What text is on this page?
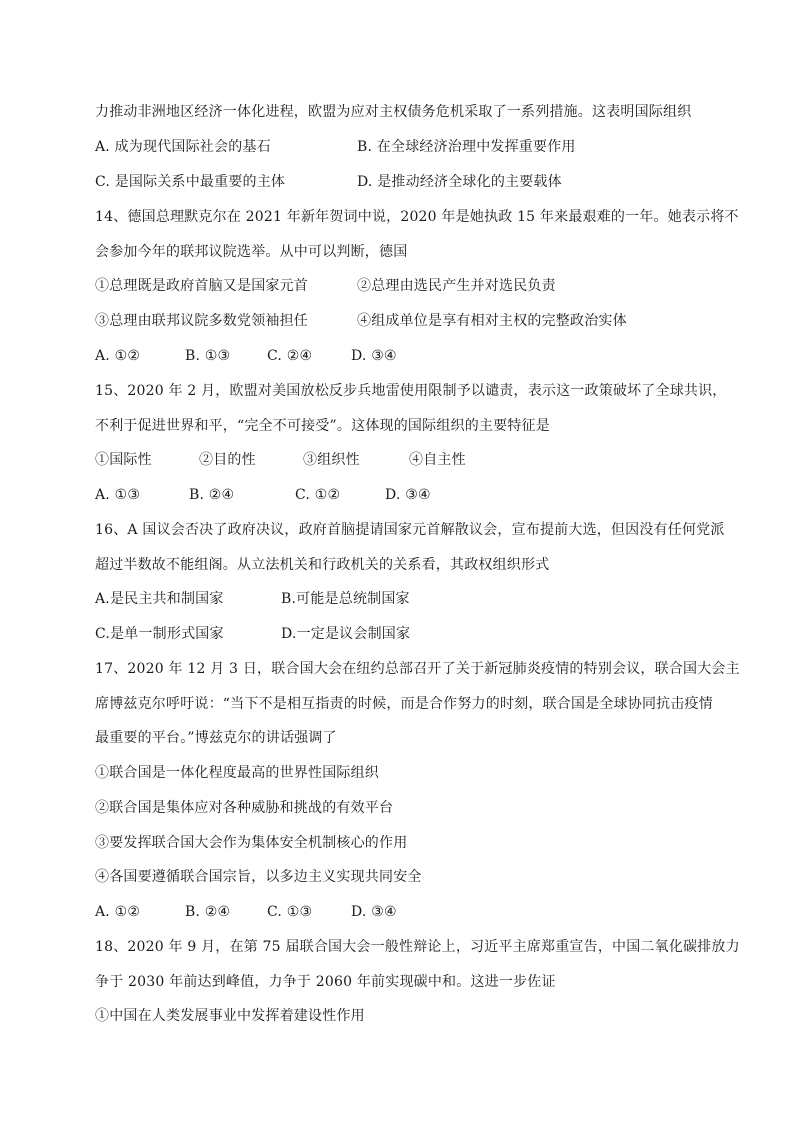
力推动非洲地区经济一体化进程，欧盟为应对主权债务危机采取了一系列措施。这表明国际组织
A. 成为现代国际社会的基石	B. 在全球经济治理中发挥重要作用
C. 是国际关系中最重要的主体	D. 是推动经济全球化的主要载体
14、德国总理默克尔在 2021 年新年贺词中说，2020 年是她执政 15 年来最艰难的一年。她表示将不
会参加今年的联邦议院选举。从中可以判断，德国
①总理既是政府首脑又是国家元首	②总理由选民产生并对选民负责
③总理由联邦议院多数党领袖担任	④组成单位是享有相对主权的完整政治实体
A. ①②	B. ①③	C. ②④	D. ③④
15、2020 年 2 月，欧盟对美国放松反步兵地雷使用限制予以谴责，表示这一政策破坏了全球共识，
不利于促进世界和平，“完全不可接受”。这体现的国际组织的主要特征是
①国际性	②目的性	③组织性	④自主性
A. ①③	B. ②④	C. ①②	D. ③④
16、A 国议会否决了政府决议，政府首脑提请国家元首解散议会，宣布提前大选，但因没有任何党派
超过半数故不能组阁。从立法机关和行政机关的关系看，其政权组织形式
A.是民主共和制国家	B.可能是总统制国家
C.是单一制形式国家	D.一定是议会制国家
17、2020 年 12 月 3 日，联合国大会在纽约总部召开了关于新冠肺炎疫情的特别会议，联合国大会主
席博兹克尔呼吁说：“当下不是相互指责的时候，而是合作努力的时刻，联合国是全球协同抗击疫情
最重要的平台。”博兹克尔的讲话强调了
①联合国是一体化程度最高的世界性国际组织
②联合国是集体应对各种威胁和挑战的有效平台
③要发挥联合国大会作为集体安全机制核心的作用
④各国要遵循联合国宗旨，以多边主义实现共同安全
A. ①②	B. ②④	C. ①③	D. ③④
18、2020 年 9 月，在第 75 届联合国大会一般性辩论上，习近平主席郑重宣告，中国二氧化碳排放力
争于 2030 年前达到峰值，力争于 2060 年前实现碳中和。这进一步佐证
①中国在人类发展事业中发挥着建设性作用
